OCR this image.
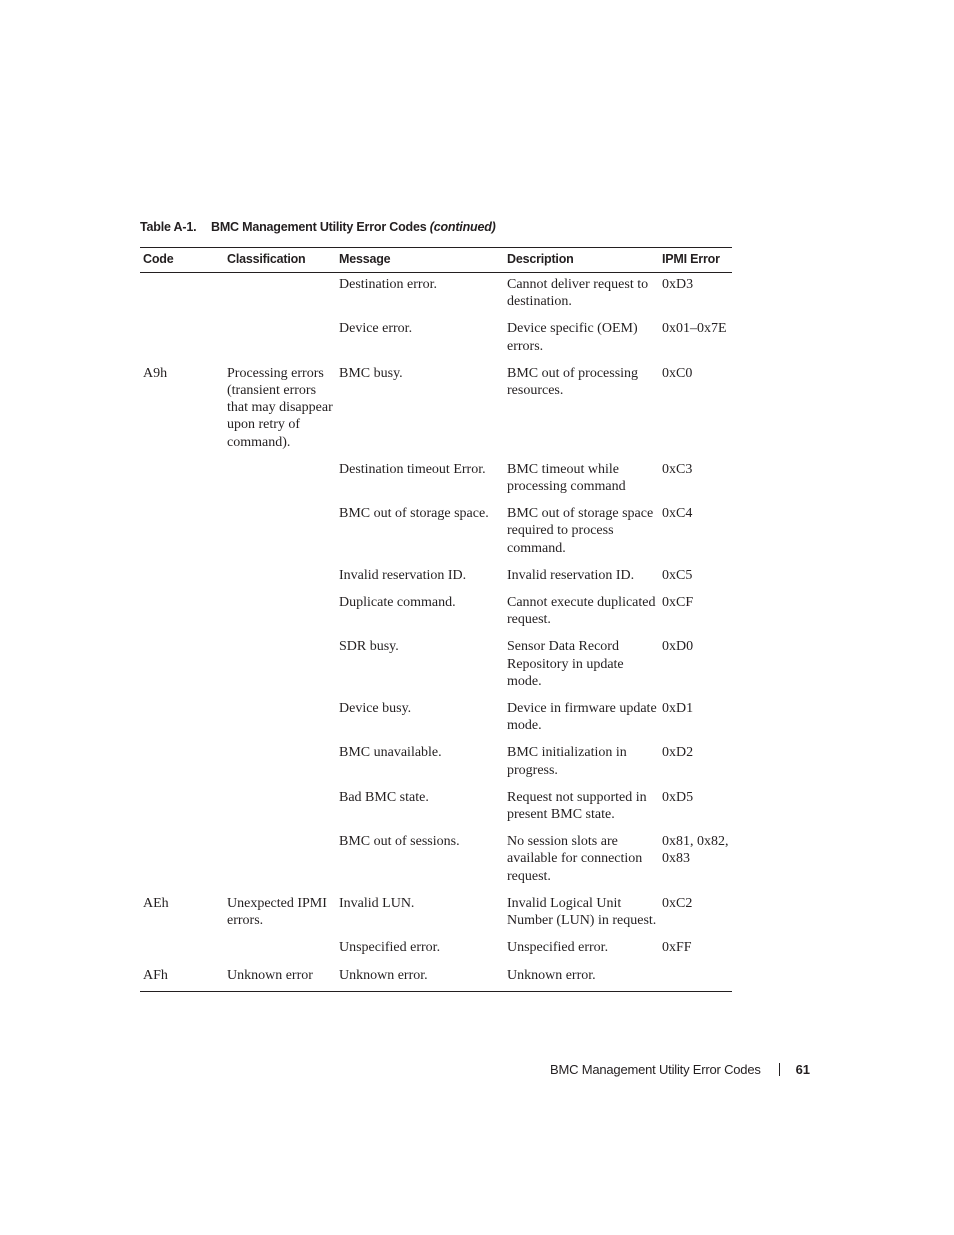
Table A-1. BMC Management Utility Error Codes (continued)
Code	Classification	Message	Description	IPMI Error
		Destination error.	Cannot deliver request to destination.	0xD3
		Device error.	Device specific (OEM) errors.	0x01–0x7E
A9h	Processing errors (transient errors that may disappear upon retry of command).	BMC busy.	BMC out of processing resources.	0xC0
		Destination timeout Error.	BMC timeout while processing command	0xC3
		BMC out of storage space.	BMC out of storage space required to process command.	0xC4
		Invalid reservation ID.	Invalid reservation ID.	0xC5
		Duplicate command.	Cannot execute duplicated request.	0xCF
		SDR busy.	Sensor Data Record Repository in update mode.	0xD0
		Device busy.	Device in firmware update mode.	0xD1
		BMC unavailable.	BMC initialization in progress.	0xD2
		Bad BMC state.	Request not supported in present BMC state.	0xD5
		BMC out of sessions.	No session slots are available for connection request.	0x81, 0x82, 0x83
AEh	Unexpected IPMI errors.	Invalid LUN.	Invalid Logical Unit Number (LUN) in request.	0xC2
		Unspecified error.	Unspecified error.	0xFF
AFh	Unknown error	Unknown error.	Unknown error.	
BMC Management Utility Error Codes	61
